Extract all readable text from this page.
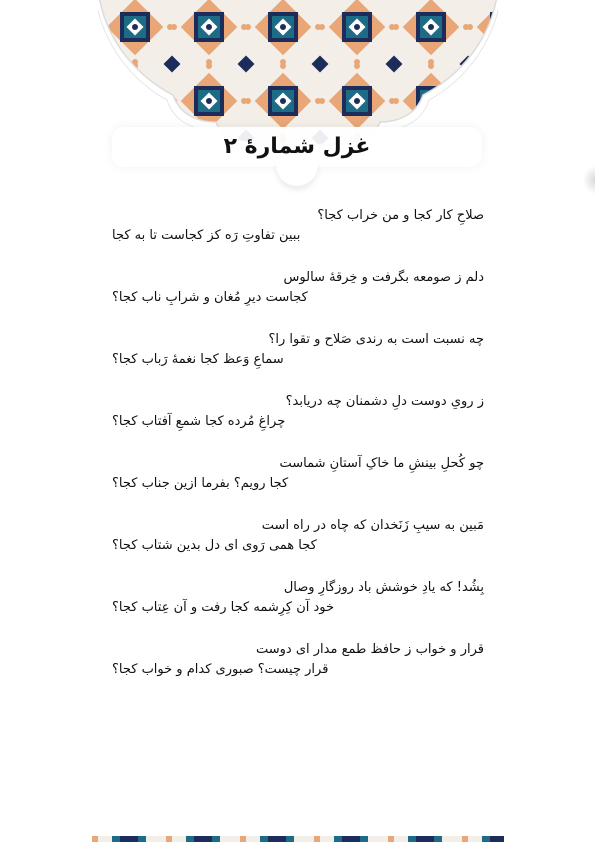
غزل شمارهٔ ۲
صلاحِ کار کجا و من خراب کجا؟
ببین تفاوتِ رَه کز کجاست تا به کجا
دلم ز صومعه بگرفت و خِرقهٔ سالوس
کجاست دیرِ مُغان و شرابِ ناب کجا؟
چه نسبت است به رندی صَلاح و تقوا را؟
سماعِ وَعظ کجا نغمهٔ رَباب کجا؟
ز رویِ دوست دلِ دشمنان چه دریابد؟
چراغِ مُرده کجا شمعِ آفتاب کجا؟
چو کُحلِ بینشِ ما خاکِ آستانِ شماست
کجا رویم؟ بفرما ازین جناب کجا؟
مَبین به سیبِ زَنَخدان که چاه در راه است
کجا همی رَوی ای دل بدین شتاب کجا؟
بِشُد! که یادِ خوشش باد روزگارِ وصال
خود آن کِرِشمه کجا رفت و آن عِتاب کجا؟
قرار و خواب ز حافظ طمع مدار ای دوست
قرار چیست؟ صبوری کدام و خواب کجا؟
